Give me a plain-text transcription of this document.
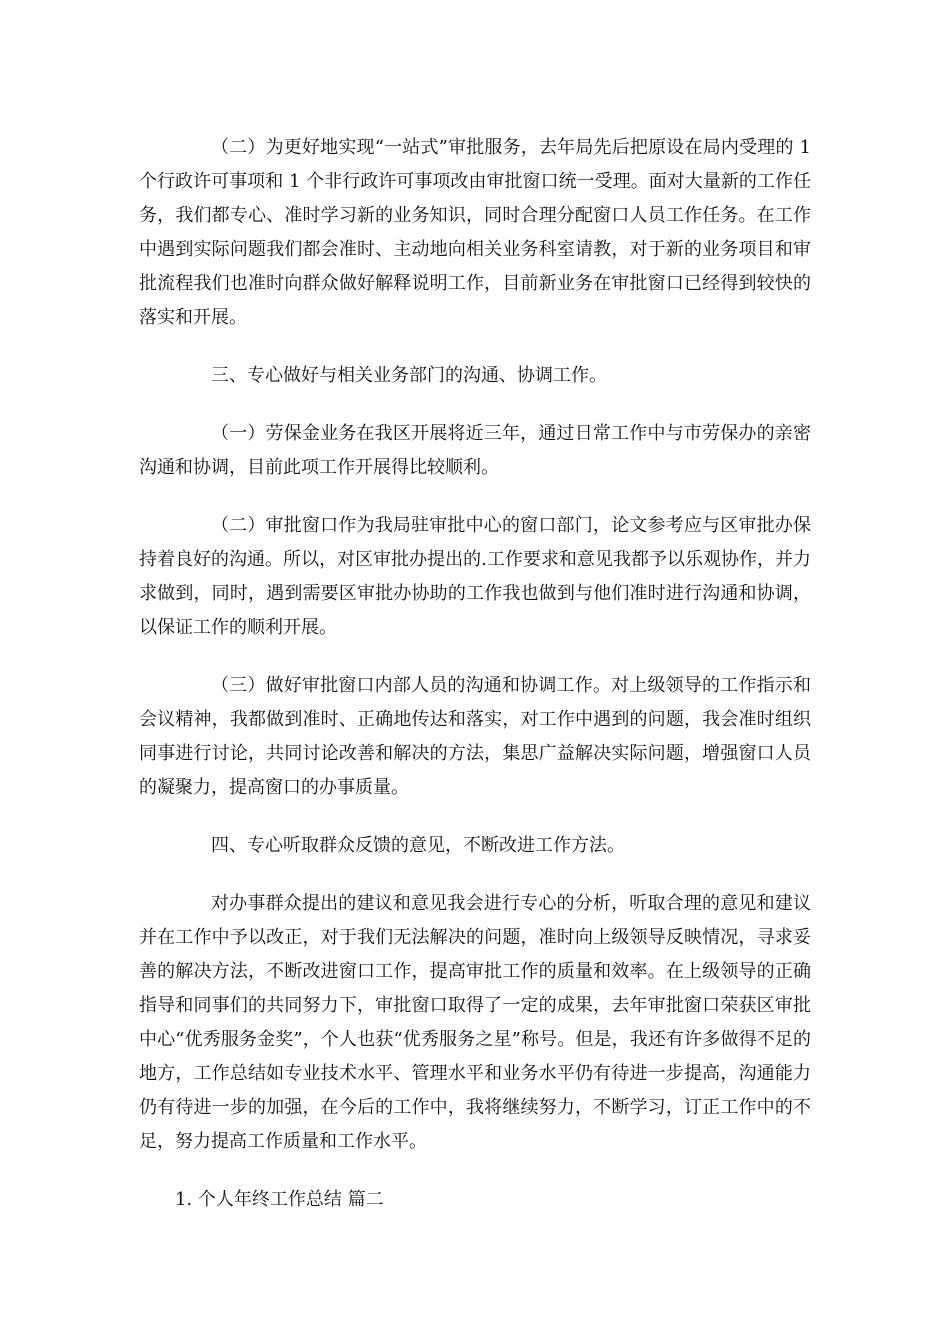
（二）为更好地实现“一站式”审批服务，去年局先后把原设在局内受理的 1 个行政许可事项和 1 个非行政许可事项改由审批窗口统一受理。面对大量新的工作任务，我们都专心、准时学习新的业务知识，同时合理分配窗口人员工作任务。在工作中遇到实际问题我们都会准时、主动地向相关业务科室请教，对于新的业务项目和审批流程我们也准时向群众做好解释说明工作，目前新业务在审批窗口已经得到较快的落实和开展。

三、专心做好与相关业务部门的沟通、协调工作。

（一）劳保金业务在我区开展将近三年，通过日常工作中与市劳保办的亲密沟通和协调，目前此项工作开展得比较顺利。

（二）审批窗口作为我局驻审批中心的窗口部门，论文参考应与区审批办保持着良好的沟通。所以，对区审批办提出的.工作要求和意见我都予以乐观协作，并力求做到，同时，遇到需要区审批办协助的工作我也做到与他们准时进行沟通和协调，以保证工作的顺利开展。

（三）做好审批窗口内部人员的沟通和协调工作。对上级领导的工作指示和会议精神，我都做到准时、正确地传达和落实，对工作中遇到的问题，我会准时组织同事进行讨论，共同讨论改善和解决的方法，集思广益解决实际问题，增强窗口人员的凝聚力，提高窗口的办事质量。

四、专心听取群众反馈的意见，不断改进工作方法。

对办事群众提出的建议和意见我会进行专心的分析，听取合理的意见和建议并在工作中予以改正，对于我们无法解决的问题，准时向上级领导反映情况，寻求妥善的解决方法，不断改进窗口工作，提高审批工作的质量和效率。在上级领导的正确指导和同事们的共同努力下，审批窗口取得了一定的成果，去年审批窗口荣获区审批中心“优秀服务金奖”，个人也获“优秀服务之星”称号。但是，我还有许多做得不足的地方，工作总结如专业技术水平、管理水平和业务水平仍有待进一步提高，沟通能力仍有待进一步的加强，在今后的工作中，我将继续努力，不断学习，订正工作中的不足，努力提高工作质量和工作水平。

1. 个人年终工作总结 篇二
